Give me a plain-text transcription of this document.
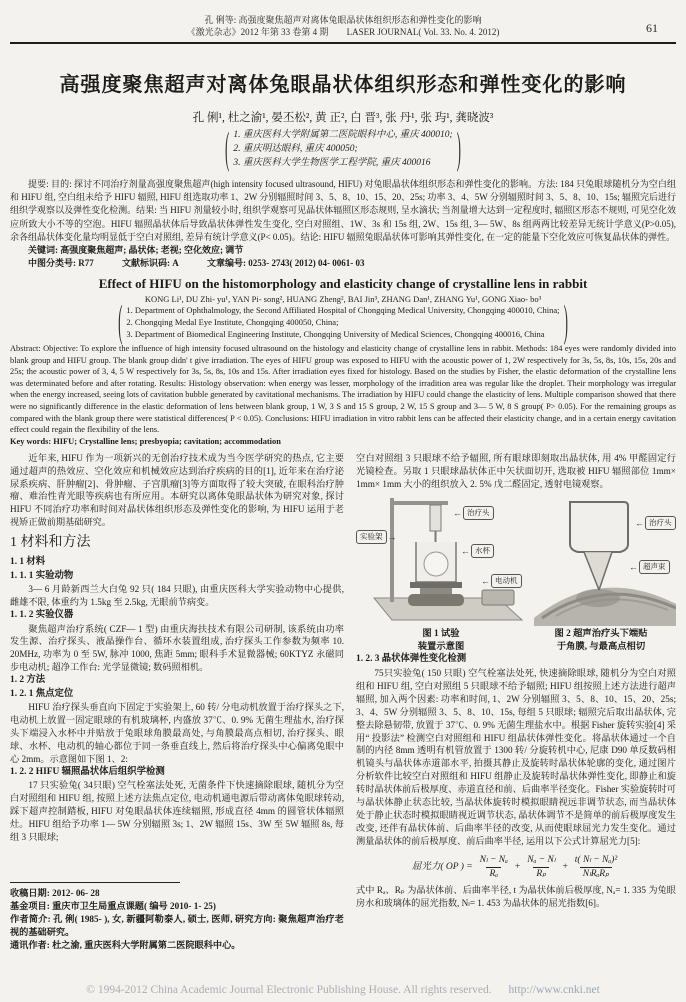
孔 俐等: 高强度聚焦超声对离体兔眼晶状体组织形态和弹性变化的影响
《激光杂志》2012 年第 33 卷第 4 期 LASER JOURNAL( Vol. 33. No. 4. 2012)	61
高强度聚焦超声对离体兔眼晶状体组织形态和弹性变化的影响
孔 俐¹, 杜之渝¹, 晏丕松², 黄 正², 白 晋³, 张 丹¹, 张 玙¹, 龚晓波³
( 1. 重庆医科大学附属第二医院眼科中心, 重庆 400010;
2. 重庆明达眼科, 重庆 400050;
3. 重庆医科大学生物医学工程学院, 重庆 400016	)

提要: 目的: 探讨不同治疗剂量高强度聚焦超声(high intensity focused ultrasound, HIFU) 对兔眼晶状体组织形态和弹性变化的影响。方法: 184 只兔眼球随机分为空白组和 HIFU 组, 空白组未给予 HIFU 辐照, HIFU 组选取功率 1、2W 分别辐照时间 3、5、8、10、15、20、25s; 功率 3、4、5W 分别辐照时间 3、5、8、10、15s; 辐照完后进行组织学观察以及弹性变化检测。结果: 当 HIFU 剂量较小时, 组织学观察可见晶状体辐照区形态规则, 呈水滴状; 当剂量增大达到一定程度时, 辐照区形态不规则, 可见空化效应所致大小不等的空泡。HIFU 辐照晶状体后导致晶状体弹性发生变化, 空白对照组、1W、3s 和 15s 组, 2W、15s 组, 3— 5W、8s 组两两比较差异无统计学意义(P>0.05), 余各组晶状体变化量均明显低于空白对照组, 差异有统计学意义(P< 0.05)。结论: HIFU 辐照兔眼晶状体可影响其弹性变化, 在一定的能量下空化效应可恢复晶状体的弹性。

关键词: 高强度聚焦超声; 晶状体; 老视; 空化效应; 调节

中图分类号: R77	文献标识码: A	文章编号: 0253- 2743( 2012) 04- 0061- 03

Effect of HIFU on the histomorphology and elasticity change of crystalline lens in rabbit
KONG Li¹, DU Zhi- yu¹, YAN Pi- song², HUANG Zheng², BAI Jin³, ZHANG Dan¹, ZHANG Yu¹, GONG Xiao- bo³
( 1. Department of Ophthalmology, the Second Affiliated Hospital of Chongqing Medical University, Chongqing 400010, China;
2. Chongqing Medal Eye Institute, Chongqing 400050, China;
3. Department of Biomedical Engineering Institute, Chongqing University of Medical Sciences, Chongqing 400016, China	)

Abstract: Objective: To explore the influence of high intensity focused ultrasound on the histology and elasticity change of crystalline lens in rabbit. Methods: 184 eyes were randomly divided into blank group and HIFU group. The blank group didn' t give irradiation. The eyes of HIFU group was exposed to HIFU with the acoustic power of 1, 2W respectively for 3s, 5s, 8s, 10s, 15s, 20s and 25s; the acoustic power of 3, 4, 5 W respectively for 3s, 5s, 8s, 10s and 15s. After irradiation eyes fixed for histology. Based on the studies by Fisher, the elastic deformation of the crystalline lens was determinated before and after rotating. Results: Histology observation: when energy was lesser, morphology of the irradition area was regular like the droplet. Their morphology was irregular when the energy increased, seeing lots of cavitation bubble generated by cavitational mechanisms. The irradiation by HIFU could change the elasticity of lens. Multiple comparison showed that there were no significantly difference in the elastic deformation of lens between blank group, 1 W, 3 S and 15 S group, 2 W, 15 S group and 3— 5 W, 8 S group( P> 0.05). For the remaining groups as compared with the blank group there were statistical differences( P < 0.05). Conclusions: HIFU irradiation in vitro rabbit lens can be affected their elasticity change, and in a certain energy cavitation effect could regain the flexibility of the lens.

Key words: HIFU; Crystalline lens; presbyopia; cavitation; accommodation

近年来, HIFU 作为一项新兴的无创治疗技术成为当今医学研究的热点, 它主要通过超声的热效应、空化效应和机械效应达到治疗疾病的目的[1], 近年来在治疗泌尿系疾病、肝肿瘤[2]、骨肿瘤、子宫肌瘤[3]等方面取得了较大突破, 在眼科治疗肿瘤、难治性青光眼等疾病也有所应用。本研究以离体兔眼晶状体为研究对象, 探讨 HIFU 不同治疗功率和时间对晶状体组织形态及弹性变化的影响, 为 HIFU 运用于老视矫正做前期基础研究。

1 材料和方法
1. 1 材料
1. 1. 1 实验动物

3— 6 月龄新西兰大白兔 92 只( 184 只眼), 由重庆医科大学实验动物中心提供, 雌雄不限, 体重约为 1.5kg 至 2.5kg, 无眼前节病变。

1. 1. 2 实验仪器

聚焦超声治疗系统( CZF— 1 型) 由重庆海扶技术有限公司研制, 该系统由功率发生源、治疗探头、液晶操作台、循环水装置组成, 治疗探头工作参数为频率 10. 20MHz, 功率为 0 至 5W, 脉冲 1000, 焦距 5mm; 眼科手术显微器械; 60KTYZ 永磁同步电动机; 超净工作台: 光学显微镜; 数码照相机。

1. 2 方法
1. 2. 1 焦点定位

HIFU 治疗探头垂直向下固定于实验架上, 60 转/ 分电动机放置于治疗探头之下, 电动机上放置一固定眼球的有机玻璃杯, 内盛放 37℃、0. 9% 无菌生理盐水, 治疗探头下端浸入水杯中并贴放于兔眼球角膜最高处, 与角膜最高点相切, 治疗探头、眼球、水杯、电动机的轴心都位于同一条垂直线上, 然后将治疗探头中心偏离兔眼中心 2mm。示意图如下图 1、2:

1. 2. 2 HIFU 辐照晶状体后组织学检测

17 只实验兔( 34只眼) 空气栓塞法处死, 无菌条件下快速摘除眼球, 随机分为空白对照组和 HIFU 组, 按照上述方法焦点定位, 电动机通电源后带动离体兔眼球转动, 踩下超声控制踏板, HIFU 对兔眼晶状体连续辐照, 形成直径 4mm 的圆管状体辐照灶。HIFU 组给予功率 1— 5W 分别辐照 3s; 1、2W 辐照 15s、3W 至 5W 辐照 8s, 每组 3 只眼球;

收稿日期: 2012- 06- 28
基金项目: 重庆市卫生局重点课题( 编号 2010- 1- 25)
作者简介: 孔 俐( 1985- ), 女, 新疆阿勒泰人, 硕士, 医师, 研究方向: 聚焦超声治疗老视的基础研究。
通讯作者: 杜之渝, 重庆医科大学附属第二医院眼科中心。

空白对照组 3 只眼球不给予辐照, 所有眼球即刻取出晶状体, 用 4% 甲醛固定行光镜检查。另取 1 只眼球晶状体正中矢状面切开, 选取被 HIFU 辐照部位 1mm× 1mm× 1mm 大小的组织放入 2. 5% 戊二醛固定, 透射电镜观察。

实验架 →
← 治疗头
← 水杯
← 电动机
← 治疗头
← 超声束
图 1 试验
装置示意图
图 2 超声治疗头下端贴
于角膜, 与最高点相切
1. 2. 3 晶状体弹性变化检测

75只实验兔( 150 只眼) 空气栓塞法处死, 快速摘除眼球, 随机分为空白对照组和 HIFU 组, 空白对照组 5 只眼球不给予辐照; HIFU 组按照上述方法进行超声辐照, 加入两个因素: 功率和时间, 1、2W 分别辐照 3、5、8、10、15、20、25s; 3、4、5W 分别辐照 3、5、8、10、15s, 每组 5 只眼球; 辐照完后取出晶状体, 完整去除悬韧带, 放置于 37℃、0. 9% 无菌生理盐水中。根据 Fisher 旋转实验[4] 采用“ 投影法” 检测空白对照组和 HIFU 组晶状体弹性变化。将晶状体通过一个自制的内径 8mm 透明有机管放置于 1300 转/ 分旋转机中心, 尼康 D90 单反数码相机镜头与晶状体赤道部水平, 拍摄其静止及旋转时晶状体轮廓的变化, 通过图片分析软件比较空白对照组和 HIFU 组静止及旋转时晶状体弹性变化, 即静止和旋转时晶状体前后极厚度、赤道直径和前、后曲率半径变化。Fisher 实验旋转时可与晶状体静止状态比较, 当晶状体旋转时模拟眼睛视远非调节状态, 而当晶状体处于静止状态时模拟眼睛视近调节状态, 晶状体调节不是简单的前后极厚度发生改变, 还伴有晶状体前、后曲率半径的改变, 从而使眼球屈光力发生变化。通过测量晶状体的前后极厚度、前后曲率半径, 运用以下公式计算屈光力[5]:

屈光力( OP ) = $\frac{\text{Nₗ − Nₐ}}{\text{Rₐ}} + \frac{\text{Nₐ − Nₗ}}{\text{Rₚ}} + \frac{\text{t( Nₗ − Nₐ)²}}{\text{NₗRₐRₚ}}$

式中 Rₐ、Rₚ 为晶状体前、后曲率半径, t 为晶状体前后极厚度, Nₐ= 1. 335 为兔眼房水和玻璃体的屈光指数, Nₗ= 1. 453 为晶状体的屈光指数[6]。

© 1994-2012 China Academic Journal Electronic Publishing House. All rights reserved. http://www.cnki.net
